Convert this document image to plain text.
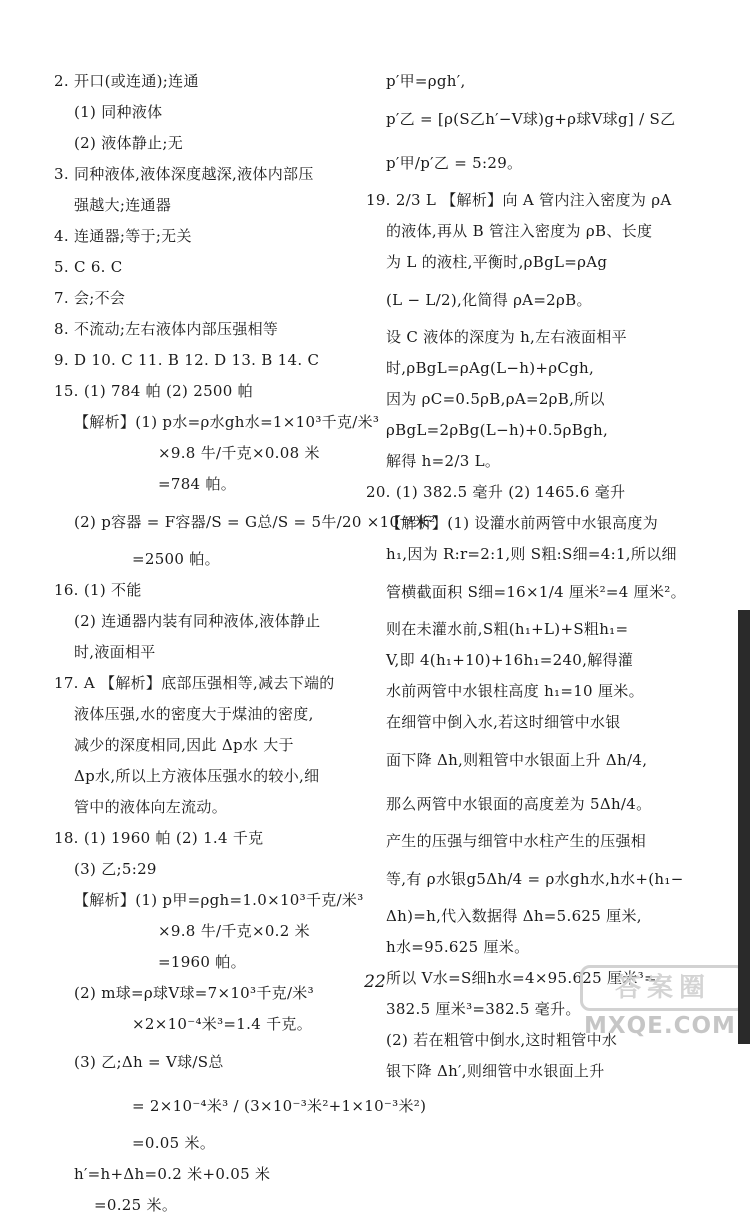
2. 开口(或连通);连通
(1) 同种液体
(2) 液体静止;无
3. 同种液体,液体深度越深,液体内部压
强越大;连通器
4. 连通器;等于;无关
5. C 6. C
7. 会;不会
8. 不流动;左右液体内部压强相等
9. D 10. C 11. B 12. D 13. B 14. C
15. (1) 784 帕 (2) 2500 帕
【解析】(1) p水=ρ水gh水=1×10³千克/米³
×9.8 牛/千克×0.08 米
=784 帕。
(2) p容器 = F容器/S = G总/S = 5牛/20 ×10⁻⁴米²
=2500 帕。
16. (1) 不能
(2) 连通器内装有同种液体,液体静止
时,液面相平
17. A 【解析】底部压强相等,减去下端的
液体压强,水的密度大于煤油的密度,
减少的深度相同,因此 Δp水 大于
Δp水,所以上方液体压强水的较小,细
管中的液体向左流动。
18. (1) 1960 帕 (2) 1.4 千克
(3) 乙;5:29
【解析】(1) p甲=ρgh=1.0×10³千克/米³
×9.8 牛/千克×0.2 米
=1960 帕。
(2) m球=ρ球V球=7×10³千克/米³
×2×10⁻⁴米³=1.4 千克。
(3) 乙;Δh = V球/S总
= 2×10⁻⁴米³ / (3×10⁻³米²+1×10⁻³米²)
=0.05 米。
h′=h+Δh=0.2 米+0.05 米
=0.25 米。
p′甲=ρgh′,
p′乙 = [ρ(S乙h′−V球)g+ρ球V球g] / S乙
p′甲/p′乙 = 5:29。
19. 2/3 L 【解析】向 A 管内注入密度为 ρA
的液体,再从 B 管注入密度为 ρB、长度
为 L 的液柱,平衡时,ρBgL=ρAg
(L − L/2),化简得 ρA=2ρB。
设 C 液体的深度为 h,左右液面相平
时,ρBgL=ρAg(L−h)+ρCgh,
因为 ρC=0.5ρB,ρA=2ρB,所以
ρBgL=2ρBg(L−h)+0.5ρBgh,
解得 h=2/3 L。
20. (1) 382.5 毫升 (2) 1465.6 毫升
【解析】(1) 设灌水前两管中水银高度为
h₁,因为 R:r=2:1,则 S粗:S细=4:1,所以细
管横截面积 S细=16×1/4 厘米²=4 厘米²。
则在未灌水前,S粗(h₁+L)+S粗h₁=
V,即 4(h₁+10)+16h₁=240,解得灌
水前两管中水银柱高度 h₁=10 厘米。
在细管中倒入水,若这时细管中水银
面下降 Δh,则粗管中水银面上升 Δh/4,
那么两管中水银面的高度差为 5Δh/4。
产生的压强与细管中水柱产生的压强相
等,有 ρ水银g5Δh/4 = ρ水gh水,h水+(h₁−
Δh)=h,代入数据得 Δh=5.625 厘米,
h水=95.625 厘米。
所以 V水=S细h水=4×95.625 厘米³=
382.5 厘米³=382.5 毫升。
(2) 若在粗管中倒水,这时粗管中水
银下降 Δh′,则细管中水银面上升
22	答案圈
MXQE.COM
